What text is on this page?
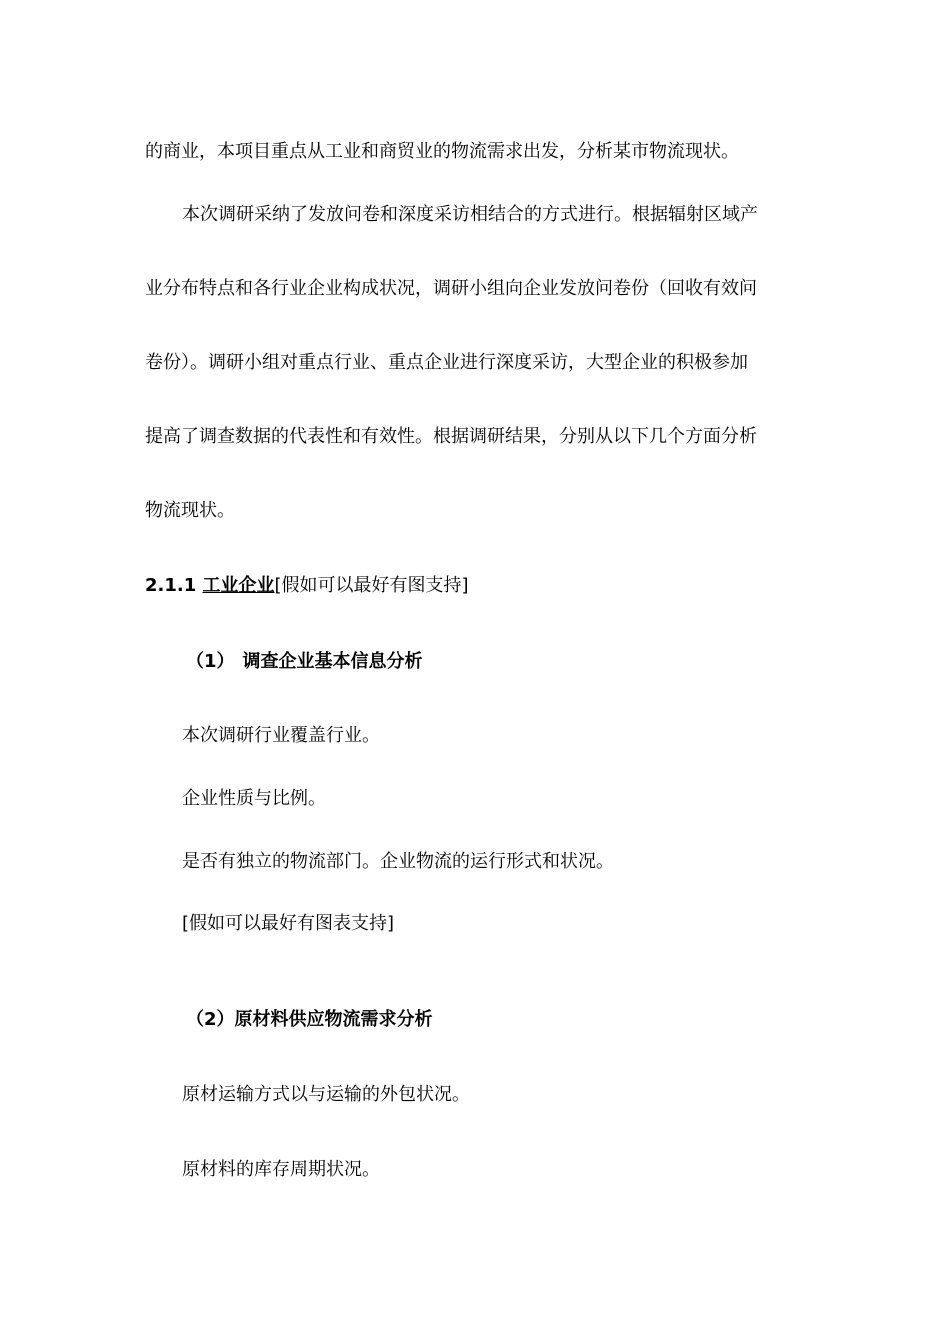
的商业，本项目重点从工业和商贸业的物流需求出发，分析某市物流现状。

本次调研采纳了发放问卷和深度采访相结合的方式进行。根据辐射区域产

业分布特点和各行业企业构成状况，调研小组向企业发放问卷份（回收有效问

卷份）。调研小组对重点行业、重点企业进行深度采访，大型企业的积极参加

提高了调查数据的代表性和有效性。根据调研结果，分别从以下几个方面分析

物流现状。

2.1.1 工业企业[假如可以最好有图支持]

（1） 调查企业基本信息分析

本次调研行业覆盖行业。

企业性质与比例。

是否有独立的物流部门。企业物流的运行形式和状况。

[假如可以最好有图表支持]

（2）原材料供应物流需求分析

原材运输方式以与运输的外包状况。

原材料的库存周期状况。
